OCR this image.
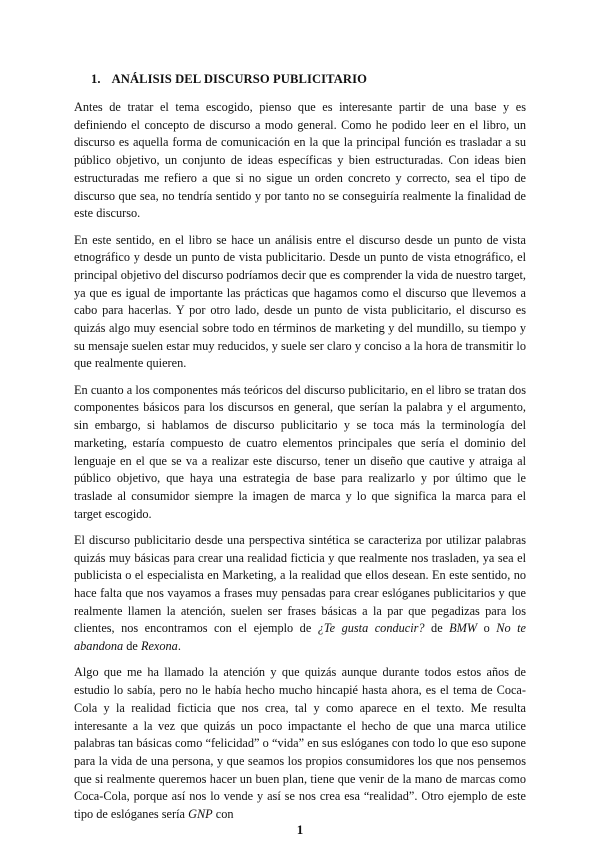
1. ANÁLISIS DEL DISCURSO PUBLICITARIO

Antes de tratar el tema escogido, pienso que es interesante partir de una base y es definiendo el concepto de discurso a modo general. Como he podido leer en el libro, un discurso es aquella forma de comunicación en la que la principal función es trasladar a su público objetivo, un conjunto de ideas específicas y bien estructuradas. Con ideas bien estructuradas me refiero a que si no sigue un orden concreto y correcto, sea el tipo de discurso que sea, no tendría sentido y por tanto no se conseguiría realmente la finalidad de este discurso.

En este sentido, en el libro se hace un análisis entre el discurso desde un punto de vista etnográfico y desde un punto de vista publicitario. Desde un punto de vista etnográfico, el principal objetivo del discurso podríamos decir que es comprender la vida de nuestro target, ya que es igual de importante las prácticas que hagamos como el discurso que llevemos a cabo para hacerlas. Y por otro lado, desde un punto de vista publicitario, el discurso es quizás algo muy esencial sobre todo en términos de marketing y del mundillo, su tiempo y su mensaje suelen estar muy reducidos, y suele ser claro y conciso a la hora de transmitir lo que realmente quieren.

En cuanto a los componentes más teóricos del discurso publicitario, en el libro se tratan dos componentes básicos para los discursos en general, que serían la palabra y el argumento, sin embargo, si hablamos de discurso publicitario y se toca más la terminología del marketing, estaría compuesto de cuatro elementos principales que sería el dominio del lenguaje en el que se va a realizar este discurso, tener un diseño que cautive y atraiga al público objetivo, que haya una estrategia de base para realizarlo y por último que le traslade al consumidor siempre la imagen de marca y lo que significa la marca para el target escogido.

El discurso publicitario desde una perspectiva sintética se caracteriza por utilizar palabras quizás muy básicas para crear una realidad ficticia y que realmente nos trasladen, ya sea el publicista o el especialista en Marketing, a la realidad que ellos desean. En este sentido, no hace falta que nos vayamos a frases muy pensadas para crear eslóganes publicitarios y que realmente llamen la atención, suelen ser frases básicas a la par que pegadizas para los clientes, nos encontramos con el ejemplo de ¿Te gusta conducir? de BMW o No te abandona de Rexona.

Algo que me ha llamado la atención y que quizás aunque durante todos estos años de estudio lo sabía, pero no le había hecho mucho hincapié hasta ahora, es el tema de Coca-Cola y la realidad ficticia que nos crea, tal y como aparece en el texto. Me resulta interesante a la vez que quizás un poco impactante el hecho de que una marca utilice palabras tan básicas como “felicidad” o “vida” en sus eslóganes con todo lo que eso supone para la vida de una persona, y que seamos los propios consumidores los que nos pensemos que si realmente queremos hacer un buen plan, tiene que venir de la mano de marcas como Coca-Cola, porque así nos lo vende y así se nos crea esa “realidad”. Otro ejemplo de este tipo de eslóganes sería GNP con

1
